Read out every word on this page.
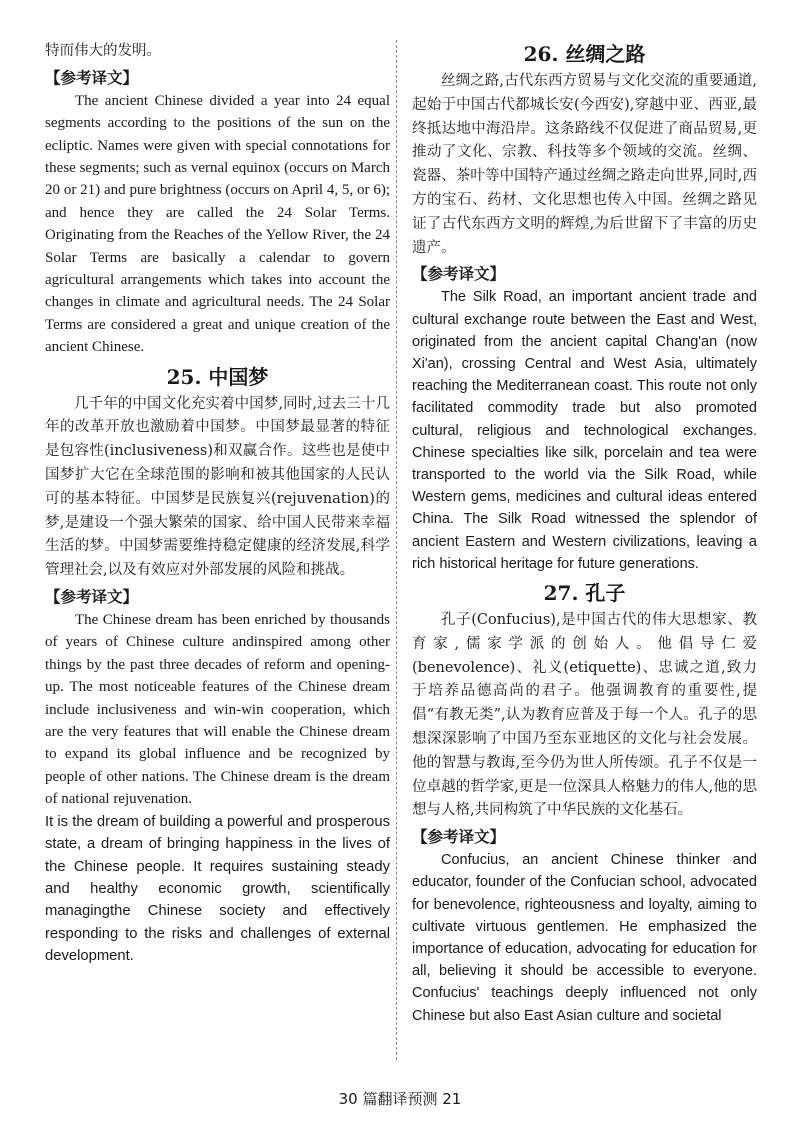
特而伟大的发明。

【参考译文】

The ancient Chinese divided a year into 24 equal segments according to the positions of the sun on the ecliptic. Names were given with special connotations for these segments; such as vernal equinox (occurs on March 20 or 21) and pure brightness (occurs on April 4, 5, or 6); and hence they are called the 24 Solar Terms. Originating from the Reaches of the Yellow River, the 24 Solar Terms are basically a calendar to govern agricultural arrangements which takes into account the changes in climate and agricultural needs. The 24 Solar Terms are considered a great and unique creation of the ancient Chinese.

25. 中国梦

几千年的中国文化充实着中国梦,同时,过去三十几年的改革开放也激励着中国梦。中国梦最显著的特征是包容性(inclusiveness)和双赢合作。这些也是使中国梦扩大它在全球范围的影响和被其他国家的人民认可的基本特征。中国梦是民族复兴(rejuvenation)的梦,是建设一个强大繁荣的国家、给中国人民带来幸福生活的梦。中国梦需要维持稳定健康的经济发展,科学管理社会,以及有效应对外部发展的风险和挑战。

【参考译文】

The Chinese dream has been enriched by thousands of years of Chinese culture andinspired among other things by the past three decades of reform and opening-up. The most noticeable features of the Chinese dream include inclusiveness and win-win cooperation, which are the very features that will enable the Chinese dream to expand its global influence and be recognized by people of other nations. The Chinese dream is the dream of national rejuvenation.

It is the dream of building a powerful and prosperous state, a dream of bringing happiness in the lives of the Chinese people. It requires sustaining steady and healthy economic growth, scientifically managingthe Chinese society and effectively responding to the risks and challenges of external development.

26. 丝绸之路

丝绸之路,古代东西方贸易与文化交流的重要通道,起始于中国古代都城长安(今西安),穿越中亚、西亚,最终抵达地中海沿岸。这条路线不仅促进了商品贸易,更推动了文化、宗教、科技等多个领域的交流。丝绸、瓷器、茶叶等中国特产通过丝绸之路走向世界,同时,西方的宝石、药材、文化思想也传入中国。丝绸之路见证了古代东西方文明的辉煌,为后世留下了丰富的历史遗产。

【参考译文】

The Silk Road, an important ancient trade and cultural exchange route between the East and West, originated from the ancient capital Chang'an (now Xi'an), crossing Central and West Asia, ultimately reaching the Mediterranean coast. This route not only facilitated commodity trade but also promoted cultural, religious and technological exchanges. Chinese specialties like silk, porcelain and tea were transported to the world via the Silk Road, while Western gems, medicines and cultural ideas entered China. The Silk Road witnessed the splendor of ancient Eastern and Western civilizations, leaving a rich historical heritage for future generations.

27. 孔子

孔子(Confucius),是中国古代的伟大思想家、教育家,儒家学派的创始人。他倡导仁爱(benevolence)、礼义(etiquette)、忠诚之道,致力于培养品德高尚的君子。他强调教育的重要性,提倡“有教无类”,认为教育应普及于每一个人。孔子的思想深深影响了中国乃至东亚地区的文化与社会发展。他的智慧与教诲,至今仍为世人所传颂。孔子不仅是一位卓越的哲学家,更是一位深具人格魅力的伟人,他的思想与人格,共同构筑了中华民族的文化基石。

【参考译文】

Confucius, an ancient Chinese thinker and educator, founder of the Confucian school, advocated for benevolence, righteousness and loyalty, aiming to cultivate virtuous gentlemen. He emphasized the importance of education, advocating for education for all, believing it should be accessible to everyone. Confucius' teachings deeply influenced not only Chinese but also East Asian culture and societal

30 篇翻译预测 21
